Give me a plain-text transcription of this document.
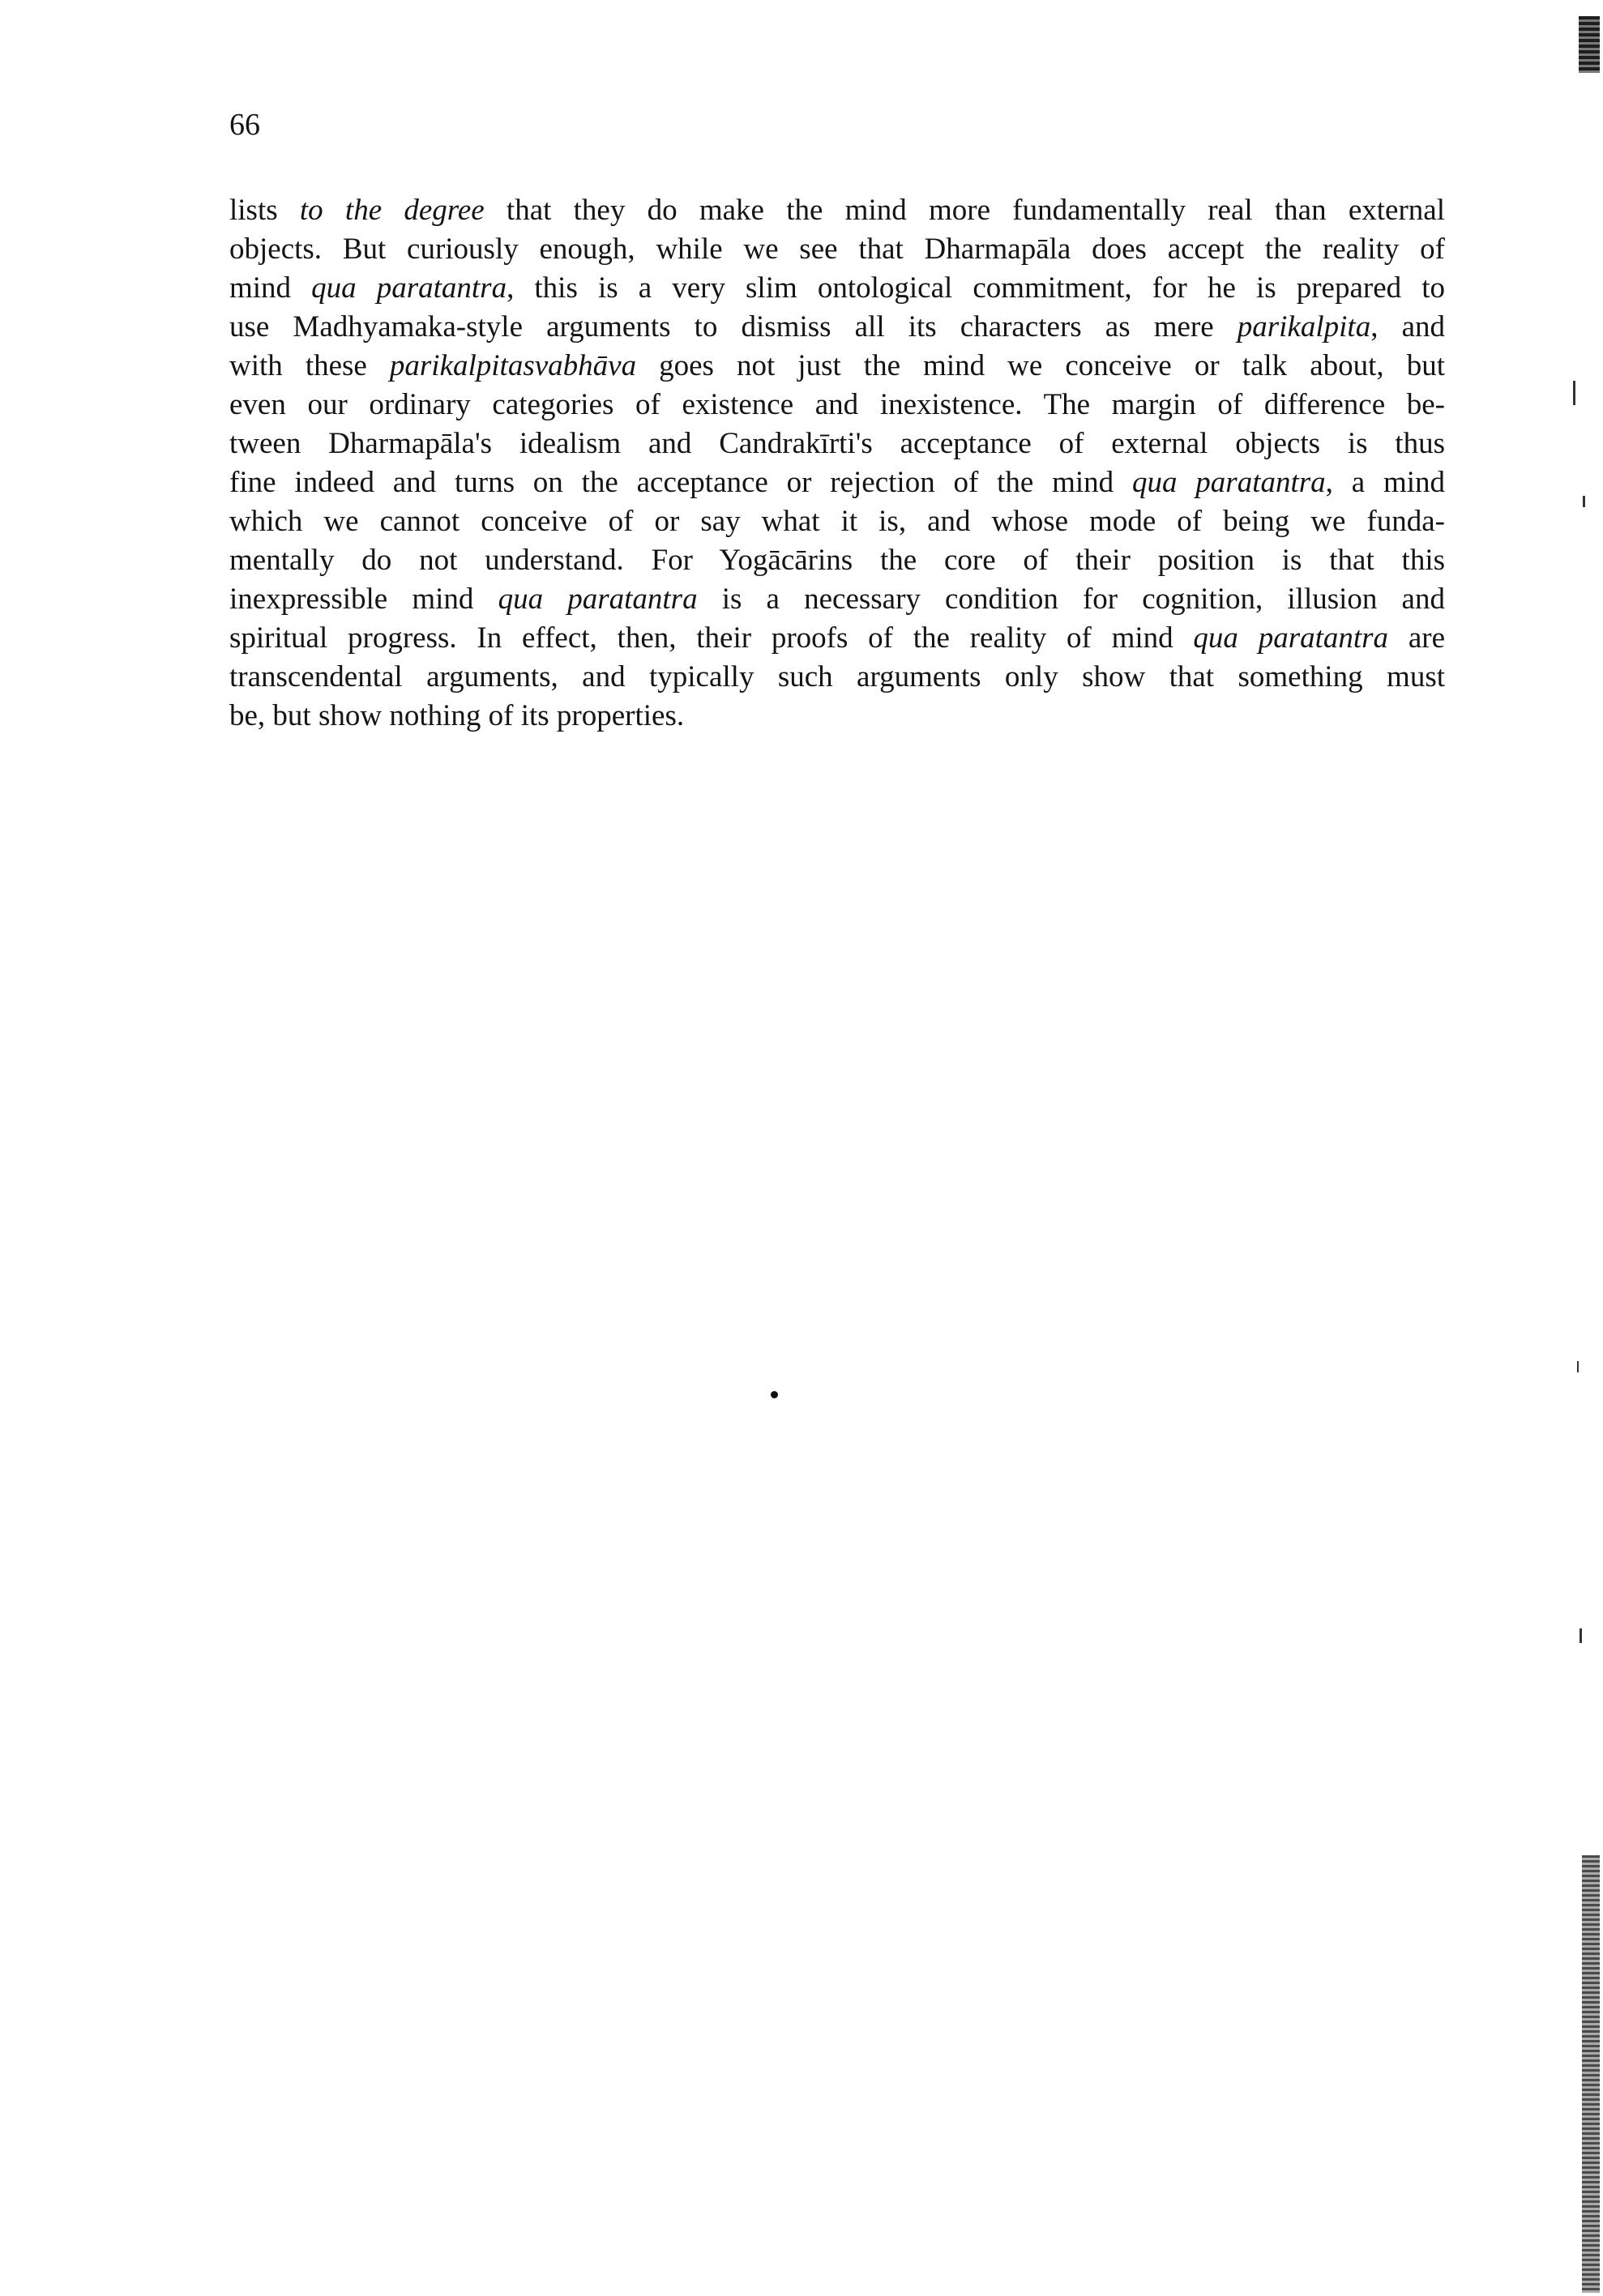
66
lists to the degree that they do make the mind more fundamentally real than external
objects. But curiously enough, while we see that Dharmapāla does accept the reality of
mind qua paratantra, this is a very slim ontological commitment, for he is prepared to
use Madhyamaka-style arguments to dismiss all its characters as mere parikalpita, and
with these parikalpitasvabhāva goes not just the mind we conceive or talk about, but
even our ordinary categories of existence and inexistence. The margin of difference be-
tween Dharmapāla's idealism and Candrakīrti's acceptance of external objects is thus
fine indeed and turns on the acceptance or rejection of the mind qua paratantra, a mind
which we cannot conceive of or say what it is, and whose mode of being we funda-
mentally do not understand. For Yogācārins the core of their position is that this
inexpressible mind qua paratantra is a necessary condition for cognition, illusion and
spiritual progress. In effect, then, their proofs of the reality of mind qua paratantra are
transcendental arguments, and typically such arguments only show that something must
be, but show nothing of its properties.
